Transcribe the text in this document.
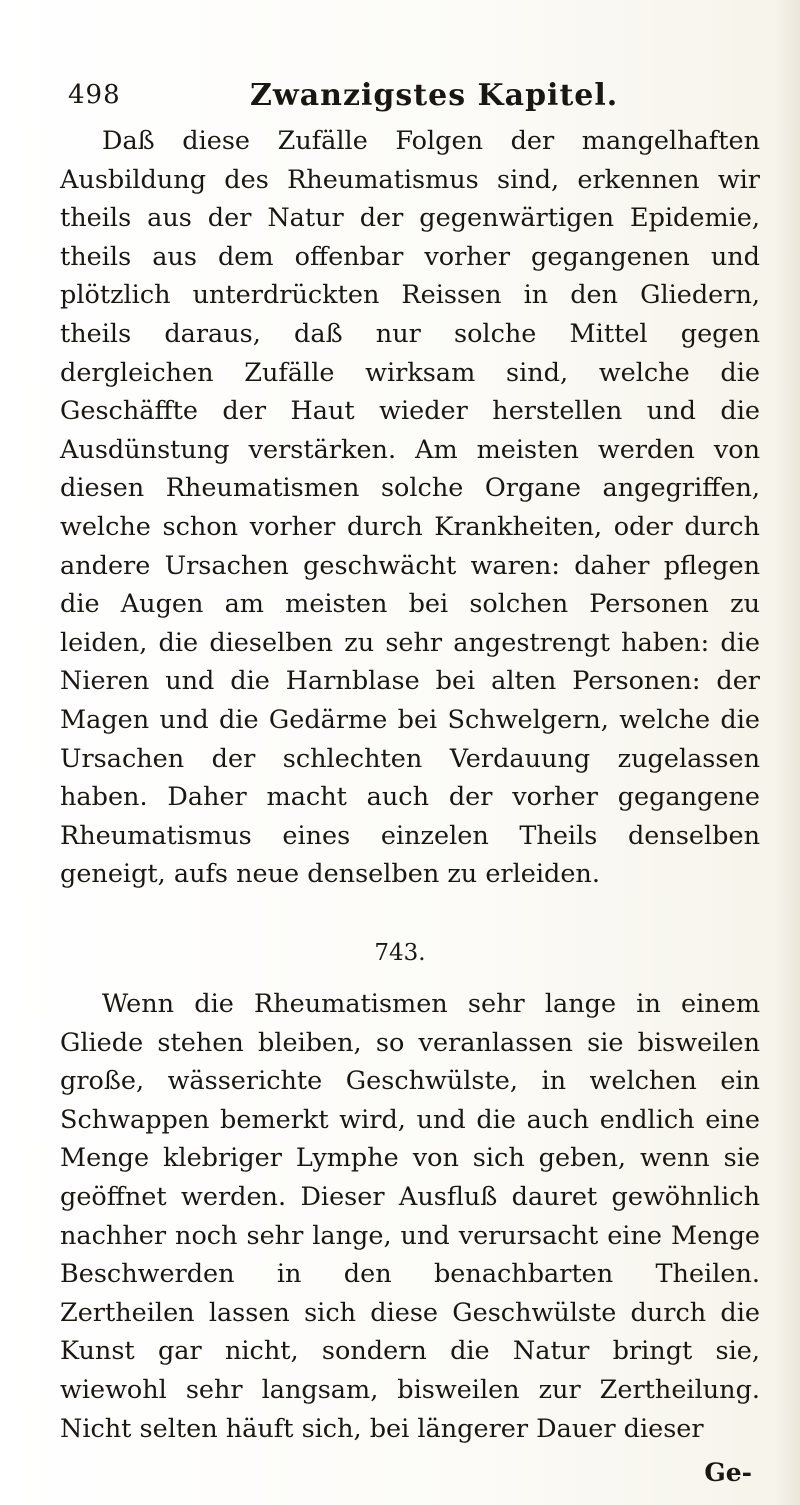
498	Zwanzigstes Kapitel.

Daß diese Zufälle Folgen der mangelhaften Ausbildung des Rheumatismus sind, erkennen wir theils aus der Natur der gegenwärtigen Epidemie, theils aus dem offenbar vorher gegangenen und plötzlich unterdrückten Reissen in den Gliedern, theils daraus, daß nur solche Mittel gegen dergleichen Zufälle wirksam sind, welche die Geschäffte der Haut wieder herstellen und die Ausdünstung verstärken. Am meisten werden von diesen Rheumatismen solche Organe angegriffen, welche schon vorher durch Krankheiten, oder durch andere Ursachen geschwächt waren: daher pflegen die Augen am meisten bei solchen Personen zu leiden, die dieselben zu sehr angestrengt haben: die Nieren und die Harnblase bei alten Personen: der Magen und die Gedärme bei Schwelgern, welche die Ursachen der schlechten Verdauung zugelassen haben. Daher macht auch der vorher gegangene Rheumatismus eines einzelen Theils denselben geneigt, aufs neue denselben zu erleiden.

743.

Wenn die Rheumatismen sehr lange in einem Gliede stehen bleiben, so veranlassen sie bisweilen große, wässerichte Geschwülste, in welchen ein Schwappen bemerkt wird, und die auch endlich eine Menge klebriger Lymphe von sich geben, wenn sie geöffnet werden. Dieser Ausfluß dauret gewöhnlich nachher noch sehr lange, und verursacht eine Menge Beschwerden in den benachbarten Theilen. Zertheilen lassen sich diese Geschwülste durch die Kunst gar nicht, sondern die Natur bringt sie, wiewohl sehr langsam, bisweilen zur Zertheilung. Nicht selten häuft sich, bei längerer Dauer dieser

Ge-
